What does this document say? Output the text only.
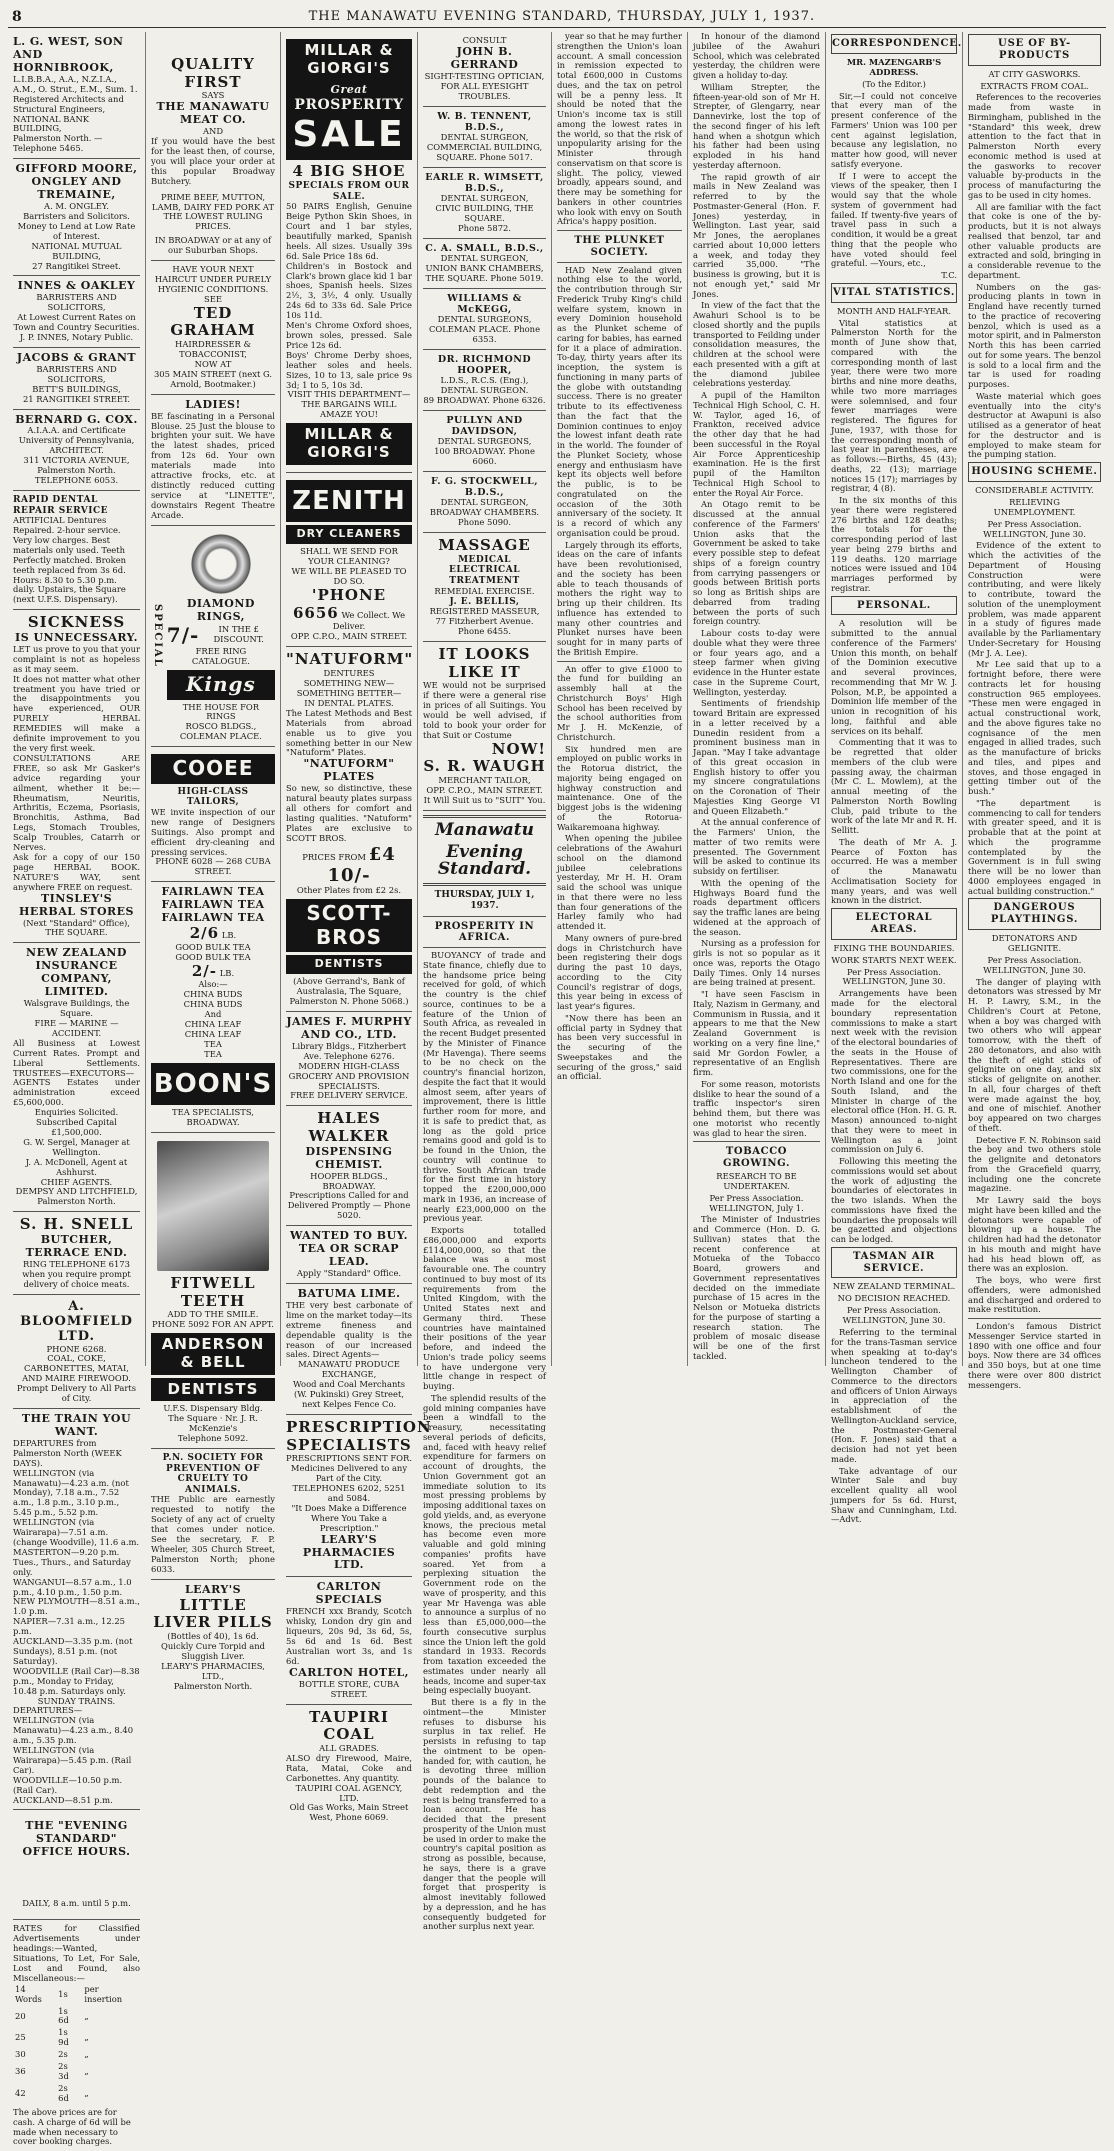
8	THE MANAWATU EVENING STANDARD, THURSDAY, JULY 1, 1937.
L. G. WEST, SON AND HORNIBROOK,
L.I.B.B.A., A.A., N.Z.I.A., A.M., O. Strut., E.M., Sum. 1.
Registered Architects and Structural Engineers,
NATIONAL BANK BUILDING,
Palmerston North. — Telephone 5465.
GIFFORD MOORE, ONGLEY AND TREMAINE,
A. M. ONGLEY.
Barristers and Solicitors.
Money to Lend at Low Rate of Interest.
NATIONAL MUTUAL BUILDING,
27 Rangitikei Street.
INNES & OAKLEY
BARRISTERS AND SOLICITORS,
At Lowest Current Rates on Town and Country Securities.
J. P. INNES, Notary Public.
JACOBS & GRANT
BARRISTERS AND SOLICITORS,
BETT'S BUILDINGS,
21 RANGITIKEI STREET.
BERNARD G. COX.
A.I.A.A. and Certificate University of Pennsylvania,
ARCHITECT.
311 VICTORIA AVENUE,
Palmerston North.
TELEPHONE 6053.
RAPID DENTAL REPAIR SERVICE
ARTIFICIAL Dentures Repaired. 2-hour service. Very low charges. Best materials only used. Teeth Perfectly matched. Broken teeth replaced from 3s 6d. Hours: 8.30 to 5.30 p.m. daily. Upstairs, the Square (next U.F.S. Dispensary).
SICKNESS
IS UNNECESSARY.
LET us prove to you that your complaint is not as hopeless as it may seem.
It does not matter what other treatment you have tried or the disappointments you have experienced, OUR PURELY HERBAL REMEDIES will make a definite improvement to you the very first week.
CONSULTATIONS ARE FREE, so ask Mr Gasker's advice regarding your ailment, whether it be:—Rheumatism, Neuritis, Arthritis, Eczema, Psoriasis, Bronchitis, Asthma, Bad Legs, Stomach Troubles, Scalp Troubles, Catarrh or Nerves.
Ask for a copy of our 150 page HERBAL BOOK. NATURE'S WAY, sent anywhere FREE on request.
TINSLEY'S HERBAL STORES
(Next "Standard" Office),
THE SQUARE.
NEW ZEALAND INSURANCE COMPANY, LIMITED.
Walsgrave Buildings, the Square.
FIRE — MARINE — ACCIDENT.
All Business at Lowest Current Rates. Prompt and Liberal Settlements. TRUSTEES—EXECUTORS—AGENTS Estates under administration exceed £5,600,000.
Enquiries Solicited.
Subscribed Capital £1,500,000.
G. W. Sergel, Manager at Wellington.
J. A. McDonell, Agent at Ashhurst.
CHIEF AGENTS.
DEMPSY AND LITCHFIELD,
Palmerston North.
S. H. SNELL
BUTCHER, TERRACE END.
RING TELEPHONE 6173 when you require prompt delivery of choice meats.
A. BLOOMFIELD LTD.
PHONE 6268.
COAL, COKE, CARBONETTES, MATAI, AND MAIRE FIREWOOD.
Prompt Delivery to All Parts of City.
THE TRAIN YOU WANT.
DEPARTURES from Palmerston North (WEEK DAYS).
WELLINGTON (via Manawatu)—4.23 a.m. (not Monday), 7.18 a.m., 7.52 a.m., 1.8 p.m., 3.10 p.m., 5.45 p.m., 5.52 p.m.
WELLINGTON (via Wairarapa)—7.51 a.m. (change Woodville), 11.6 a.m.
MASTERTON—9.20 p.m. Tues., Thurs., and Saturday only.
WANGANUI—8.57 a.m., 1.0 p.m., 4.10 p.m., 1.50 p.m.
NEW PLYMOUTH—8.51 a.m., 1.0 p.m.
NAPIER—7.31 a.m., 12.25 p.m.
AUCKLAND—3.35 p.m. (not Sundays), 8.51 p.m. (not Saturday).
WOODVILLE (Rail Car)—8.38 p.m., Monday to Friday, 10.48 p.m. Saturdays only.
SUNDAY TRAINS.
DEPARTURES—
WELLINGTON (via Manawatu)—4.23 a.m., 8.40 a.m., 5.35 p.m.
WELLINGTON (via Wairarapa)—5.45 p.m. (Rail Car).
WOODVILLE—10.50 p.m. (Rail Car).
AUCKLAND—8.51 p.m.
THE "EVENING STANDARD"
OFFICE HOURS.
DAILY, 8 a.m. until 5 p.m.
RATES for Classified Advertisements under headings:—Wanted, Situations, To Let, For Sale, Lost and Found, also Miscellaneous:—
14 Words	1s	per insertion
20	1s 6d	„
25	1s 9d	„
30	2s	„
36	2s 3d	„
42	2s 6d	„
The above prices are for cash. A charge of 6d will be made when necessary to cover booking charges.
QUALITY FIRST
SAYS
THE MANAWATU MEAT CO.
AND
If you would have the best for the least then, of course, you will place your order at this popular Broadway Butchery.
PRIME BEEF, MUTTON, LAMB, DAIRY FED PORK AT THE LOWEST RULING PRICES.
IN BROADWAY or at any of our Suburban Shops.
HAVE YOUR NEXT HAIRCUT UNDER PURELY HYGIENIC CONDITIONS. SEE
TED GRAHAM
HAIRDRESSER & TOBACCONIST,
NOW AT
305 MAIN STREET (next G. Arnold, Bootmaker.)
LADIES!
BE fascinating in a Personal Blouse. 25 Just the blouse to brighten your suit. We have the latest shades, priced from 12s 6d. Your own materials made into attractive frocks, etc. at distinctly reduced cutting service at "LINETTE", downstairs Regent Theatre Arcade.
SPECIAL
DIAMOND RINGS,
7/-	IN THE £ DISCOUNT.
FREE RING CATALOGUE.
Kings
THE HOUSE FOR RINGS
ROSCO BLDGS., COLEMAN PLACE.
COOEE
HIGH-CLASS TAILORS,
WE invite inspection of our new range of Designers Suitings. Also prompt and efficient dry-cleaning and pressing services.
PHONE 6028 — 268 CUBA STREET.
FAIRLAWN TEA
FAIRLAWN TEA
FAIRLAWN TEA
2/6 LB.
GOOD BULK TEA
GOOD BULK TEA
2/- LB.
Also:—
CHINA BUDS
CHINA BUDS
And
CHINA LEAF
CHINA LEAF
TEA
TEA
BOON'S
TEA SPECIALISTS,
BROADWAY.
FITWELL
TEETH
ADD TO THE SMILE.
PHONE 5092 FOR AN APPT.
ANDERSON & BELL
DENTISTS
U.F.S. Dispensary Bldg.
The Square · Nr. J. R. McKenzie's
Telephone 5092.
P.N. SOCIETY FOR PREVENTION OF CRUELTY TO ANIMALS.
THE Public are earnestly requested to notify the Society of any act of cruelty that comes under notice. See the secretary, F. P. Wheeler, 305 Church Street, Palmerston North; phone 6033.
LEARY'S
LITTLE LIVER PILLS
(Bottles of 40), 1s 6d.
Quickly Cure Torpid and Sluggish Liver.
LEARY'S PHARMACIES, LTD.,
Palmerston North.
MILLAR & GIORGI'S
Great
PROSPERITY
SALE
4 BIG SHOE
SPECIALS FROM OUR SALE.
50 PAIRS English, Genuine Beige Python Skin Shoes, in Court and 1 bar styles, beautifully marked, Spanish heels. All sizes. Usually 39s 6d. Sale Price 18s 6d.
Children's in Bostock and Clark's brown glace kid 1 bar shoes, Spanish heels. Sizes 2½, 3, 3½, 4 only. Usually 24s 6d to 33s 6d. Sale Price 10s 11d.
Men's Chrome Oxford shoes, brown soles, pressed. Sale Price 12s 6d.
Boys' Chrome Derby shoes, leather soles and heels. Sizes, 10 to 13, sale price 9s 3d; 1 to 5, 10s 3d.
VISIT THIS DEPARTMENT—
THE BARGAINS WILL AMAZE YOU!
MILLAR & GIORGI'S
ZENITH
DRY CLEANERS
SHALL WE SEND FOR YOUR CLEANING?
WE WILL BE PLEASED TO DO SO.
'PHONE 6656 We Collect. We Deliver.
OPP. C.P.O., MAIN STREET.
"NATUFORM" DENTURES
SOMETHING NEW—
SOMETHING BETTER—
IN DENTAL PLATES.
The Latest Methods and Best Materials from abroad enable us to give you something better in our New "Natuform" Plates.
"NATUFORM" PLATES
So new, so distinctive, these natural beauty plates surpass all others for comfort and lasting qualities. "Natuform" Plates are exclusive to SCOTT BROS.
PRICES FROM £4 10/-
Other Plates from £2 2s.
SCOTT-BROS
DENTISTS
(Above Gerrand's, Bank of Australasia, The Square, Palmerston N. Phone 5068.)
JAMES F. MURPHY AND CO., LTD.
Library Bldgs., Fitzherbert Ave. Telephone 6276.
MODERN HIGH-CLASS GROCERY AND PROVISION SPECIALISTS.
FREE DELIVERY SERVICE.
HALES WALKER
DISPENSING CHEMIST.
HOOPER BLDGS., BROADWAY.
Prescriptions Called for and Delivered Promptly — Phone 5020.
WANTED TO BUY.
TEA OR SCRAP LEAD.
Apply "Standard" Office.
BATUMA LIME.
THE very best carbonate of lime on the market today—its extreme fineness and dependable quality is the reason of our increased sales. Direct Agents—
MANAWATU PRODUCE EXCHANGE,
Wood and Coal Merchants (W. Pukinski) Grey Street, next Kelpes Fence Co.
PRESCRIPTION
SPECIALISTS
PRESCRIPTIONS SENT FOR.
Medicines Delivered to any Part of the City.
TELEPHONES 6202, 5251 and 5084.
"It Does Make a Difference Where You Take a Prescription."
LEARY'S PHARMACIES LTD.
CARLTON SPECIALS
FRENCH xxx Brandy, Scotch whisky, London dry gin and liqueurs, 20s 9d, 3s 6d, 5s, 5s 6d and 1s 6d. Best Australian wort 3s, and 1s 6d.
CARLTON HOTEL,
BOTTLE STORE, CUBA STREET.
TAUPIRI COAL
ALL GRADES.
ALSO dry Firewood, Maire, Rata, Matai, Coke and Carbonettes. Any quantity.
TAUPIRI COAL AGENCY, LTD.
Old Gas Works, Main Street West, Phone 6069.
CONSULT
JOHN B. GERRAND
SIGHT-TESTING OPTICIAN,
FOR ALL EYESIGHT TROUBLES.
W. B. TENNENT, B.D.S.,
DENTAL SURGEON,
COMMERCIAL BUILDING,
SQUARE. Phone 5017.
EARLE R. WIMSETT, B.D.S.,
DENTAL SURGEON,
CIVIC BUILDING, THE SQUARE.
Phone 5872.
C. A. SMALL, B.D.S.,
DENTAL SURGEON,
UNION BANK CHAMBERS,
THE SQUARE. Phone 5019.
WILLIAMS & McKEGG,
DENTAL SURGEONS,
COLEMAN PLACE. Phone 6353.
DR. RICHMOND HOOPER,
L.D.S., R.C.S. (Eng.),
DENTAL SURGEON.
89 BROADWAY. Phone 6326.
PULLYN AND DAVIDSON,
DENTAL SURGEONS,
100 BROADWAY. Phone 6060.
F. G. STOCKWELL, B.D.S.,
DENTAL SURGEON,
BROADWAY CHAMBERS.
Phone 5090.
MASSAGE
MEDICAL ELECTRICAL TREATMENT
REMEDIAL EXERCISE.
J. E. BELLIS,
REGISTERED MASSEUR,
77 Fitzherbert Avenue. Phone 6455.
IT LOOKS LIKE IT
WE would not be surprised if there were a general rise in prices of all Suitings. You would be well advised, if told to book your order for that Suit or Costume
NOW!
S. R. WAUGH
MERCHANT TAILOR,
OPP. C.P.O., MAIN STREET.
It Will Suit us to "SUIT" You.
Manawatu
Evening Standard.
THURSDAY, JULY 1, 1937.
PROSPERITY IN AFRICA.

BUOYANCY of trade and State finance, chiefly due to the handsome price being received for gold, of which the country is the chief source, continues to be a feature of the Union of South Africa, as revealed in the recent Budget presented by the Minister of Finance (Mr Havenga). There seems to be no check on the country's financial horizon, despite the fact that it would almost seem, after years of improvement, there is little further room for more, and it is safe to predict that, as long as the gold price remains good and gold is to be found in the Union, the country will continue to thrive. South African trade for the first time in history topped the £200,000,000 mark in 1936, an increase of nearly £23,000,000 on the previous year.

Exports totalled £86,000,000 and exports £114,000,000, so that the balance was a most favourable one. The country continued to buy most of its requirements from the United Kingdom, with the United States next and Germany third. These countries have maintained their positions of the year before, and indeed the Union's trade policy seems to have undergone very little change in respect of buying.

The splendid results of the gold mining companies have been a windfall to the Treasury, necessitating several periods of deficits, and, faced with heavy relief expenditure for farmers on account of droughts, the Union Government got an immediate solution to its most pressing problems by imposing additional taxes on gold yields, and, as everyone knows, the precious metal has become even more valuable and gold mining companies' profits have soared. Yet from a perplexing situation the Government rode on the wave of prosperity, and this year Mr Havenga was able to announce a surplus of no less than £5,000,000—the fourth consecutive surplus since the Union left the gold standard in 1933. Records from taxation exceeded the estimates under nearly all heads, income and super-tax being especially buoyant.

But there is a fly in the ointment—the Minister refuses to disburse his surplus in tax relief. He persists in refusing to tap the ointment to be open-handed for, with caution, he is devoting three million pounds of the balance to debt redemption and the rest is being transferred to a loan account. He has decided that the present prosperity of the Union must be used in order to make the country's capital position as strong as possible, because, he says, there is a grave danger that the people will forget that prosperity is almost inevitably followed by a depression, and he has consequently budgeted for another surplus next year.

year so that he may further strengthen the Union's loan account. A small concession in remission expected to total £600,000 in Customs dues, and the tax on petrol will be a penny less. It should be noted that the Union's income tax is still among the lowest rates in the world, so that the risk of unpopularity arising for the Minister through conservatism on that score is slight. The policy, viewed broadly, appears sound, and there may be something for bankers in other countries who look with envy on South Africa's happy position.

THE PLUNKET SOCIETY.

HAD New Zealand given nothing else to the world, the contribution through Sir Frederick Truby King's child welfare system, known in every Dominion household as the Plunket scheme of caring for babies, has earned for it a place of admiration. To-day, thirty years after its inception, the system is functioning in many parts of the globe with outstanding success. There is no greater tribute to its effectiveness than the fact that the Dominion continues to enjoy the lowest infant death rate in the world. The founder of the Plunket Society, whose energy and enthusiasm have kept its objects well before the public, is to be congratulated on the occasion of the 30th anniversary of the society. It is a record of which any organisation could be proud.

Largely through its efforts, ideas on the care of infants have been revolutionised, and the society has been able to teach thousands of mothers the right way to bring up their children. Its influence has extended to many other countries and Plunket nurses have been sought for in many parts of the British Empire.

An offer to give £1000 to the fund for building an assembly hall at the Christchurch Boys' High School has been received by the school authorities from Mr J. H. McKenzie, of Christchurch.

Six hundred men are employed on public works in the Rotorua district, the majority being engaged on highway construction and maintenance. One of the biggest jobs is the widening of the Rotorua-Waikaremoana highway.

When opening the jubilee celebrations of the Awahuri school on the diamond jubilee celebrations yesterday, Mr H. H. Oram said the school was unique in that there were no less than four generations of the Harley family who had attended it.

Many owners of pure-bred dogs in Christchurch have been registering their dogs during the past 10 days, according to the City Council's registrar of dogs, this year being in excess of last year's figures.

"Now there has been an official party in Sydney that has been very successful in the securing of the Sweepstakes and the securing of the gross," said an official.

In honour of the diamond jubilee of the Awahuri School, which was celebrated yesterday, the children were given a holiday to-day.

William Strepter, the fifteen-year-old son of Mr H. Strepter, of Glengarry, near Dannevirke, lost the top of the second finger of his left hand when a shotgun which his father had been using exploded in his hand yesterday afternoon.

The rapid growth of air mails in New Zealand was referred to by the Postmaster-General (Hon. F. Jones) yesterday, in Wellington. Last year, said Mr Jones, the aeroplanes carried about 10,000 letters a week, and today they carried 35,000. "The business is growing, but it is not enough yet," said Mr Jones.

In view of the fact that the Awahuri School is to be closed shortly and the pupils transported to Feilding under consolidation measures, the children at the school were each presented with a gift at the diamond jubilee celebrations yesterday.

A pupil of the Hamilton Technical High School, C. H. W. Taylor, aged 16, of Frankton, received advice the other day that he had been successful in the Royal Air Force Apprenticeship examination. He is the first pupil of the Hamilton Technical High School to enter the Royal Air Force.

An Otago remit to be discussed at the annual conference of the Farmers' Union asks that the Government be asked to take every possible step to defeat ships of a foreign country from carrying passengers or goods between British ports so long as British ships are debarred from trading between the ports of such foreign country.

Labour costs to-day were double what they were three or four years ago, and a steep farmer when giving evidence in the Hunter estate case in the Supreme Court, Wellington, yesterday.

Sentiments of friendship toward Britain are expressed in a letter received by a Dunedin resident from a prominent business man in Japan. "May I take advantage of this great occasion in English history to offer you my sincere congratulations on the Coronation of Their Majesties King George VI and Queen Elizabeth."

At the annual conference of the Farmers' Union, the matter of two remits were presented. The Government will be asked to continue its subsidy on fertiliser.

With the opening of the Highways Board fund the roads department officers say the traffic lanes are being widened at the approach of the season.

Nursing as a profession for girls is not so popular as it once was, reports the Otago Daily Times. Only 14 nurses are being trained at present.

"I have seen Fascism in Italy, Nazism in Germany, and Communism in Russia, and it appears to me that the New Zealand Government is working on a very fine line," said Mr Gordon Fowler, a representative of an English firm.

For some reason, motorists dislike to hear the sound of a traffic inspector's siren behind them, but there was one motorist who recently was glad to hear the siren.

TOBACCO GROWING.
RESEARCH TO BE UNDERTAKEN.
Per Press Association. WELLINGTON, July 1.

The Minister of Industries and Commerce (Hon. D. G. Sullivan) states that the recent conference at Motueka of the Tobacco Board, growers and Government representatives decided on the immediate purchase of 15 acres in the Nelson or Motueka districts for the purpose of starting a research station. The problem of mosaic disease will be one of the first tackled.

CORRESPONDENCE.
MR. MAZENGARB'S ADDRESS.
(To the Editor.)

Sir,—I could not conceive that every man of the present conference of the Farmers' Union was 100 per cent against legislation, because any legislation, no matter how good, will never satisfy everyone.

If I were to accept the views of the speaker, then I would say that the whole system of government had failed. If twenty-five years of travel pass in such a condition, it would be a great thing that the people who have voted should feel grateful. —Yours, etc.,

T.C.
VITAL STATISTICS.
MONTH AND HALF-YEAR.

Vital statistics at Palmerston North for the month of June show that, compared with the corresponding month of last year, there were two more births and nine more deaths, while two more marriages were solemnised, and four fewer marriages were registered. The figures for June, 1937, with those for the corresponding month of last year in parentheses, are as follows:—Births, 45 (43); deaths, 22 (13); marriage notices 15 (17); marriages by registrar, 4 (8).

In the six months of this year there were registered 276 births and 128 deaths; the totals for the corresponding period of last year being 279 births and 119 deaths. 120 marriage notices were issued and 104 marriages performed by registrar.

PERSONAL.

A resolution will be submitted to the annual conference of the Farmers' Union this month, on behalf of the Dominion executive and several provinces, recommending that Mr W. J. Polson, M.P., be appointed a Dominion life member of the union in recognition of his long, faithful and able services on its behalf.

Commenting that it was to be regretted that older members of the club were passing away, the chairman (Mr C. L. Mowlem), at the annual meeting of the Palmerston North Bowling Club, paid tribute to the work of the late Mr and R. H. Sellitt.

The death of Mr A. J. Pearce of Foxton has occurred. He was a member of the Manawatu Acclimatisation Society for many years, and was well known in the district.

ELECTORAL AREAS.
FIXING THE BOUNDARIES.
WORK STARTS NEXT WEEK.
Per Press Association. WELLINGTON, June 30.

Arrangements have been made for the electoral boundary representation commissions to make a start next week with the revision of the electoral boundaries of the seats in the House of Representatives. There are two commissions, one for the North Island and one for the South Island, and the Minister in charge of the electoral office (Hon. H. G. R. Mason) announced to-night that they were to meet in Wellington as a joint commission on July 6.

Following this meeting the commissions would set about the work of adjusting the boundaries of electorates in the two islands. When the commissions have fixed the boundaries the proposals will be gazetted and objections can be lodged.

TASMAN AIR SERVICE.
NEW ZEALAND TERMINAL.
NO DECISION REACHED.
Per Press Association. WELLINGTON, June 30.

Referring to the terminal for the trans-Tasman service when speaking at to-day's luncheon tendered to the Wellington Chamber of Commerce to the directors and officers of Union Airways in appreciation of the establishment of the Wellington-Auckland service, the Postmaster-General (Hon. F. Jones) said that a decision had not yet been made.

Take advantage of our Winter Sale and buy excellent quality all wool jumpers for 5s 6d. Hurst, Shaw and Cunningham, Ltd.—Advt.

USE OF BY-PRODUCTS
AT CITY GASWORKS.
EXTRACTS FROM COAL.

References to the recoveries made from waste in Birmingham, published in the "Standard" this week, drew attention to the fact that in Palmerston North every economic method is used at the gasworks to recover valuable by-products in the process of manufacturing the gas to be used in city homes.

All are familiar with the fact that coke is one of the by-products, but it is not always realised that benzol, tar and other valuable products are extracted and sold, bringing in a considerable revenue to the department.

Numbers on the gas-producing plants in town in England have recently turned to the practice of recovering benzol, which is used as a motor spirit, and in Palmerston North this has been carried out for some years. The benzol is sold to a local firm and the tar is used for roading purposes.

Waste material which goes eventually into the city's destructor at Awapuni is also utilised as a generator of heat for the destructor and is employed to make steam for the pumping station.

HOUSING SCHEME.
CONSIDERABLE ACTIVITY.
RELIEVING UNEMPLOYMENT.
Per Press Association. WELLINGTON, June 30.

Evidence of the extent to which the activities of the Department of Housing Construction were contributing, and were likely to contribute, toward the solution of the unemployment problem, was made apparent in a study of figures made available by the Parliamentary Under-Secretary for Housing (Mr J. A. Lee).

Mr Lee said that up to a fortnight before, there were contracts let for housing construction 965 employees. "These men were engaged in actual constructional work, and the above figures take no cognisance of the men engaged in allied trades, such as the manufacture of bricks and tiles, and pipes and stoves, and those engaged in getting timber out of the bush."

"The department is commencing to call for tenders with greater speed, and it is probable that at the point at which the programme contemplated by the Government is in full swing there will be no lower than 4000 employees engaged in actual building construction."

DANGEROUS PLAYTHINGS.
DETONATORS AND GELIGNITE.
Per Press Association. WELLINGTON, June 30.

The danger of playing with detonators was stressed by Mr H. P. Lawry, S.M., in the Children's Court at Petone, when a boy was charged with two others who will appear tomorrow, with the theft of 280 detonators, and also with the theft of eight sticks of gelignite on one day, and six sticks of gelignite on another. In all, four charges of theft were made against the boy, and one of mischief. Another boy appeared on two charges of theft.

Detective F. N. Robinson said the boy and two others stole the gelignite and detonators from the Gracefield quarry, including one the concrete magazine.

Mr Lawry said the boys might have been killed and the detonators were capable of blowing up a house. The children had had the detonator in his mouth and might have had his head blown off, as there was an explosion.

The boys, who were first offenders, were admonished and discharged and ordered to make restitution.

London's famous District Messenger Service started in 1890 with one office and four boys. Now there are 34 offices and 350 boys, but at one time there were over 800 district messengers.
